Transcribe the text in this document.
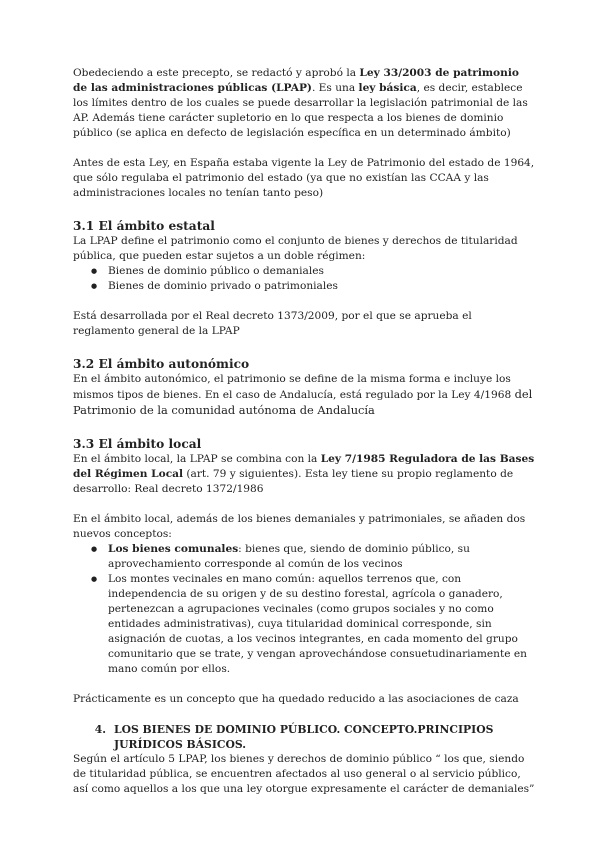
Obedeciendo a este precepto, se redactó y aprobó la Ley 33/2003 de patrimonio de las administraciones públicas (LPAP). Es una ley básica, es decir, establece los límites dentro de los cuales se puede desarrollar la legislación patrimonial de las AP. Además tiene carácter supletorio en lo que respecta a los bienes de dominio público (se aplica en defecto de legislación específica en un determinado ámbito)

Antes de esta Ley, en España estaba vigente la Ley de Patrimonio del estado de 1964, que sólo regulaba el patrimonio del estado (ya que no existían las CCAA y las administraciones locales no tenían tanto peso)

3.1 El ámbito estatal

La LPAP define el patrimonio como el conjunto de bienes y derechos de titularidad pública, que pueden estar sujetos a un doble régimen:

● Bienes de dominio público o demaniales
● Bienes de dominio privado o patrimoniales

Está desarrollada por el Real decreto 1373/2009, por el que se aprueba el reglamento general de la LPAP

3.2 El ámbito autonómico

En el ámbito autonómico, el patrimonio se define de la misma forma e incluye los mismos tipos de bienes. En el caso de Andalucía, está regulado por la Ley 4/1968 del Patrimonio de la comunidad autónoma de Andalucía

3.3 El ámbito local

En el ámbito local, la LPAP se combina con la Ley 7/1985 Reguladora de las Bases del Régimen Local (art. 79 y siguientes). Esta ley tiene su propio reglamento de desarrollo: Real decreto 1372/1986

En el ámbito local, además de los bienes demaniales y patrimoniales, se añaden dos nuevos conceptos:

● Los bienes comunales: bienes que, siendo de dominio público, su aprovechamiento corresponde al común de los vecinos
● Los montes vecinales en mano común: aquellos terrenos que, con independencia de su origen y de su destino forestal, agrícola o ganadero, pertenezcan a agrupaciones vecinales (como grupos sociales y no como entidades administrativas), cuya titularidad dominical corresponde, sin asignación de cuotas, a los vecinos integrantes, en cada momento del grupo comunitario que se trate, y vengan aprovechándose consuetudinariamente en mano común por ellos.

Prácticamente es un concepto que ha quedado reducido a las asociaciones de caza

4. LOS BIENES DE DOMINIO PÚBLICO. CONCEPTO.PRINCIPIOS JURÍDICOS BÁSICOS.

Según el artículo 5 LPAP, los bienes y derechos de dominio público “ los que, siendo de titularidad pública, se encuentren afectados al uso general o al servicio público, así como aquellos a los que una ley otorgue expresamente el carácter de demaniales”
